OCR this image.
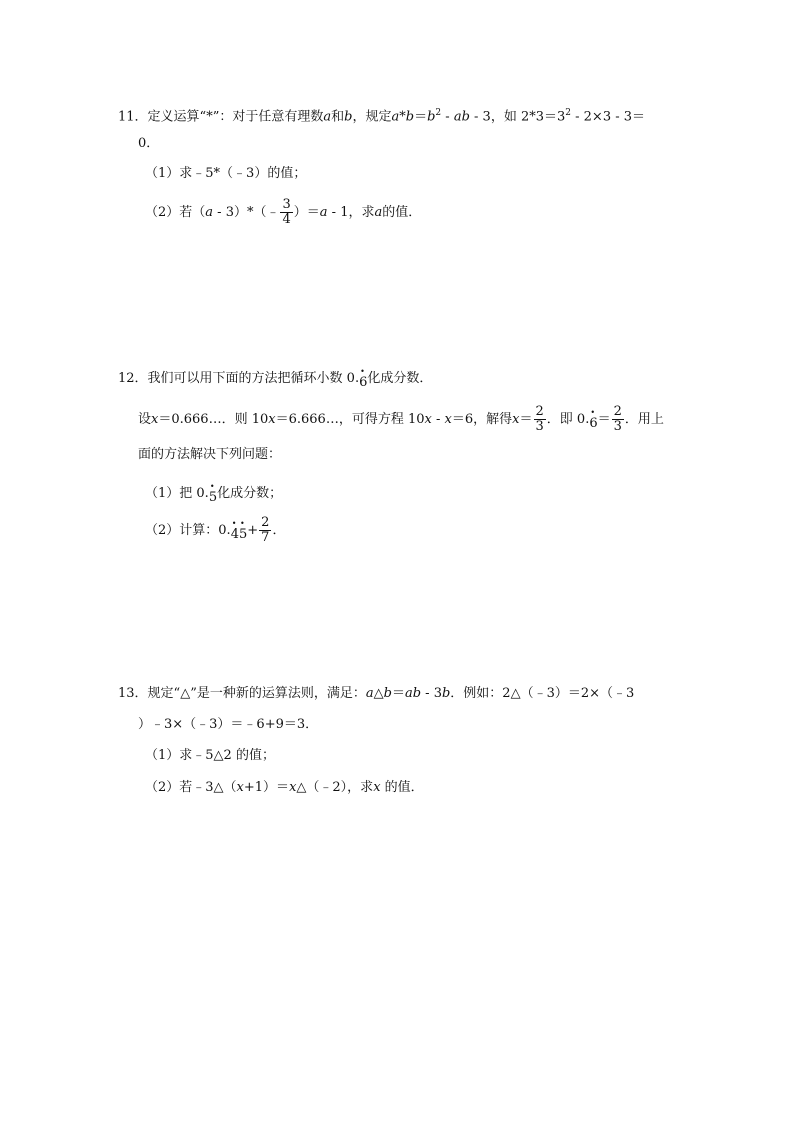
11．定义运算“*”：对于任意有理数a和b，规定$a*b=b^2$ - ab - 3，如 $2*3=3^2 - 2\times 3 - 3=$
0．
（1）求﹣5*（﹣3）的值；
（2）若（a - 3）*（﹣ $\frac{3}{4} )=a - 1$，求a的值．
12．我们可以用下面的方法把循环小数 0.• 6化成分数．
设x＝0.666…．则 10x＝6.666…，可得方程 10x - x＝6，解得$x= \frac{2}{3}$ ．即 0.• $6= \frac{2}{3}$ ．用上
面的方法解决下列问题：
（1）把 0.• 5化成分数；
（2）计算：0.• 4• $5+ \frac{2}{7}$ ．
13．规定“△”是一种新的运算法则，满足：a△b＝ab - 3b．例如：2△（﹣3）＝2×（﹣3
）﹣3×（﹣3）＝﹣6+9＝3．
（1）求﹣5△2 的值；
（2）若﹣3△（x+1）＝x△（﹣2），求x 的值．
